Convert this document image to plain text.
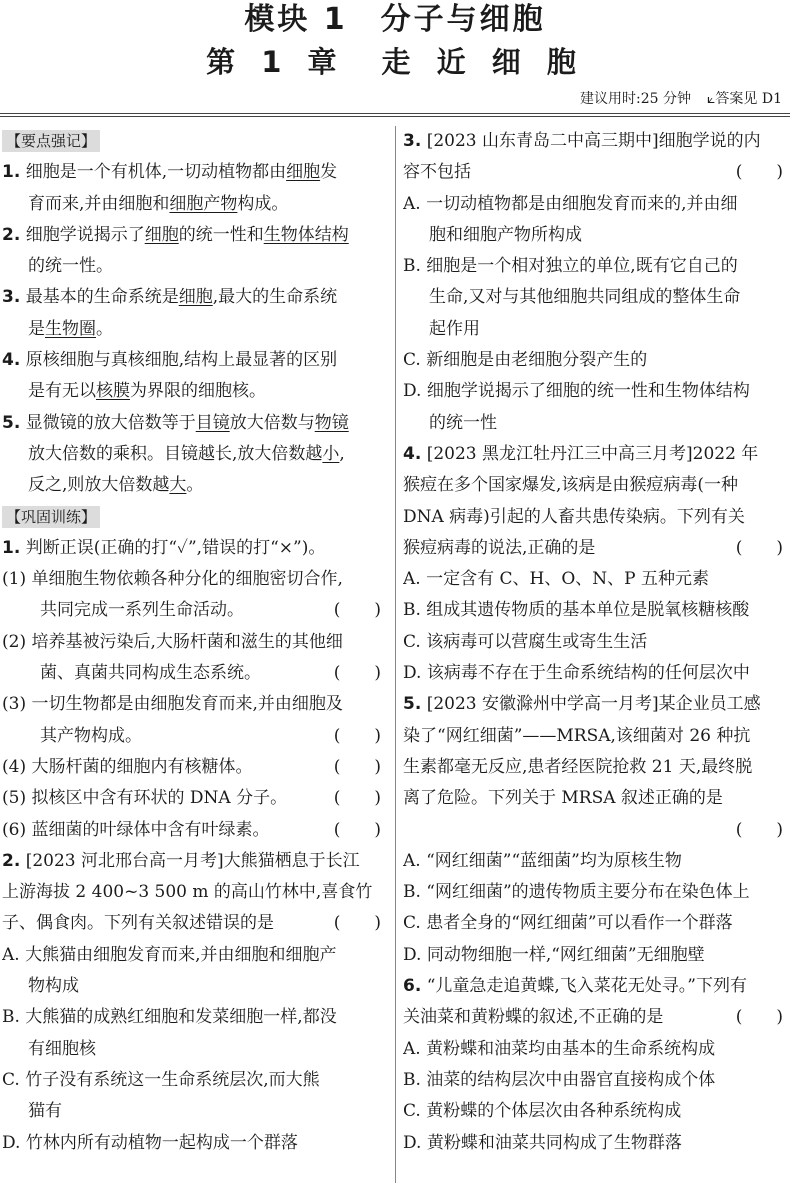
模块 1　分子与细胞
第 1 章　走 近 细 胞
建议用时:25 分钟 ⟀答案见 D1
【要点强记】
1. 细胞是一个有机体,一切动植物都由细胞发
育而来,并由细胞和细胞产物构成。
2. 细胞学说揭示了细胞的统一性和生物体结构
的统一性。
3. 最基本的生命系统是细胞,最大的生命系统
是生物圈。
4. 原核细胞与真核细胞,结构上最显著的区别
是有无以核膜为界限的细胞核。
5. 显微镜的放大倍数等于目镜放大倍数与物镜
放大倍数的乘积。目镜越长,放大倍数越小,
反之,则放大倍数越大。
【巩固训练】
1. 判断正误(正确的打“✓”,错误的打“×”)。
(1) 单细胞生物依赖各种分化的细胞密切合作,
共同完成一系列生命活动。	(　　)
(2) 培养基被污染后,大肠杆菌和滋生的其他细
菌、真菌共同构成生态系统。	(　　)
(3) 一切生物都是由细胞发育而来,并由细胞及
其产物构成。	(　　)
(4) 大肠杆菌的细胞内有核糖体。	(　　)
(5) 拟核区中含有环状的 DNA 分子。	(　　)
(6) 蓝细菌的叶绿体中含有叶绿素。	(　　)
2. [2023 河北邢台高一月考]大熊猫栖息于长江
上游海拔 2 400~3 500 m 的高山竹林中,喜食竹
子、偶食肉。下列有关叙述错误的是	(　　)
A. 大熊猫由细胞发育而来,并由细胞和细胞产
物构成
B. 大熊猫的成熟红细胞和发菜细胞一样,都没
有细胞核
C. 竹子没有系统这一生命系统层次,而大熊
猫有
D. 竹林内所有动植物一起构成一个群落
3. [2023 山东青岛二中高三期中]细胞学说的内
容不包括	(　　)
A. 一切动植物都是由细胞发育而来的,并由细
胞和细胞产物所构成
B. 细胞是一个相对独立的单位,既有它自己的
生命,又对与其他细胞共同组成的整体生命
起作用
C. 新细胞是由老细胞分裂产生的
D. 细胞学说揭示了细胞的统一性和生物体结构
的统一性
4. [2023 黑龙江牡丹江三中高三月考]2022 年
猴痘在多个国家爆发,该病是由猴痘病毒(一种
DNA 病毒)引起的人畜共患传染病。下列有关
猴痘病毒的说法,正确的是	(　　)
A. 一定含有 C、H、O、N、P 五种元素
B. 组成其遗传物质的基本单位是脱氧核糖核酸
C. 该病毒可以营腐生或寄生生活
D. 该病毒不存在于生命系统结构的任何层次中
5. [2023 安徽滁州中学高一月考]某企业员工感
染了“网红细菌”——MRSA,该细菌对 26 种抗
生素都毫无反应,患者经医院抢救 21 天,最终脱
离了危险。下列关于 MRSA 叙述正确的是
(　　)
A. “网红细菌”“蓝细菌”均为原核生物
B. “网红细菌”的遗传物质主要分布在染色体上
C. 患者全身的“网红细菌”可以看作一个群落
D. 同动物细胞一样,“网红细菌”无细胞壁
6. “儿童急走追黄蝶,飞入菜花无处寻。”下列有
关油菜和黄粉蝶的叙述,不正确的是	(　　)
A. 黄粉蝶和油菜均由基本的生命系统构成
B. 油菜的结构层次中由器官直接构成个体
C. 黄粉蝶的个体层次由各种系统构成
D. 黄粉蝶和油菜共同构成了生物群落
